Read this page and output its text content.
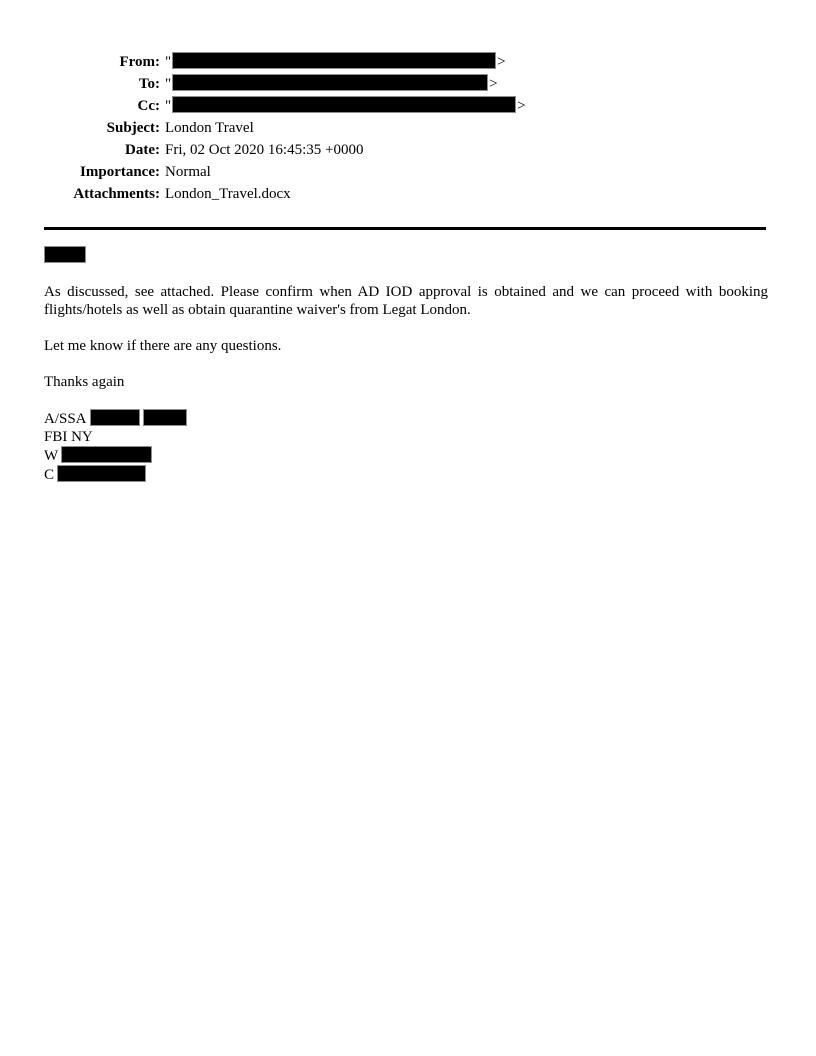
From: "	>
To: "	>
Cc: "	>
Subject: London Travel
Date: Fri, 02 Oct 2020 16:45:35 +0000
Importance: Normal
Attachments: London_Travel.docx
As discussed, see attached. Please confirm when AD IOD approval is obtained and we can proceed with booking
flights/hotels as well as obtain quarantine waiver's from Legat London.
Let me know if there are any questions.
Thanks again
A/SSA
FBI NY
W
C
